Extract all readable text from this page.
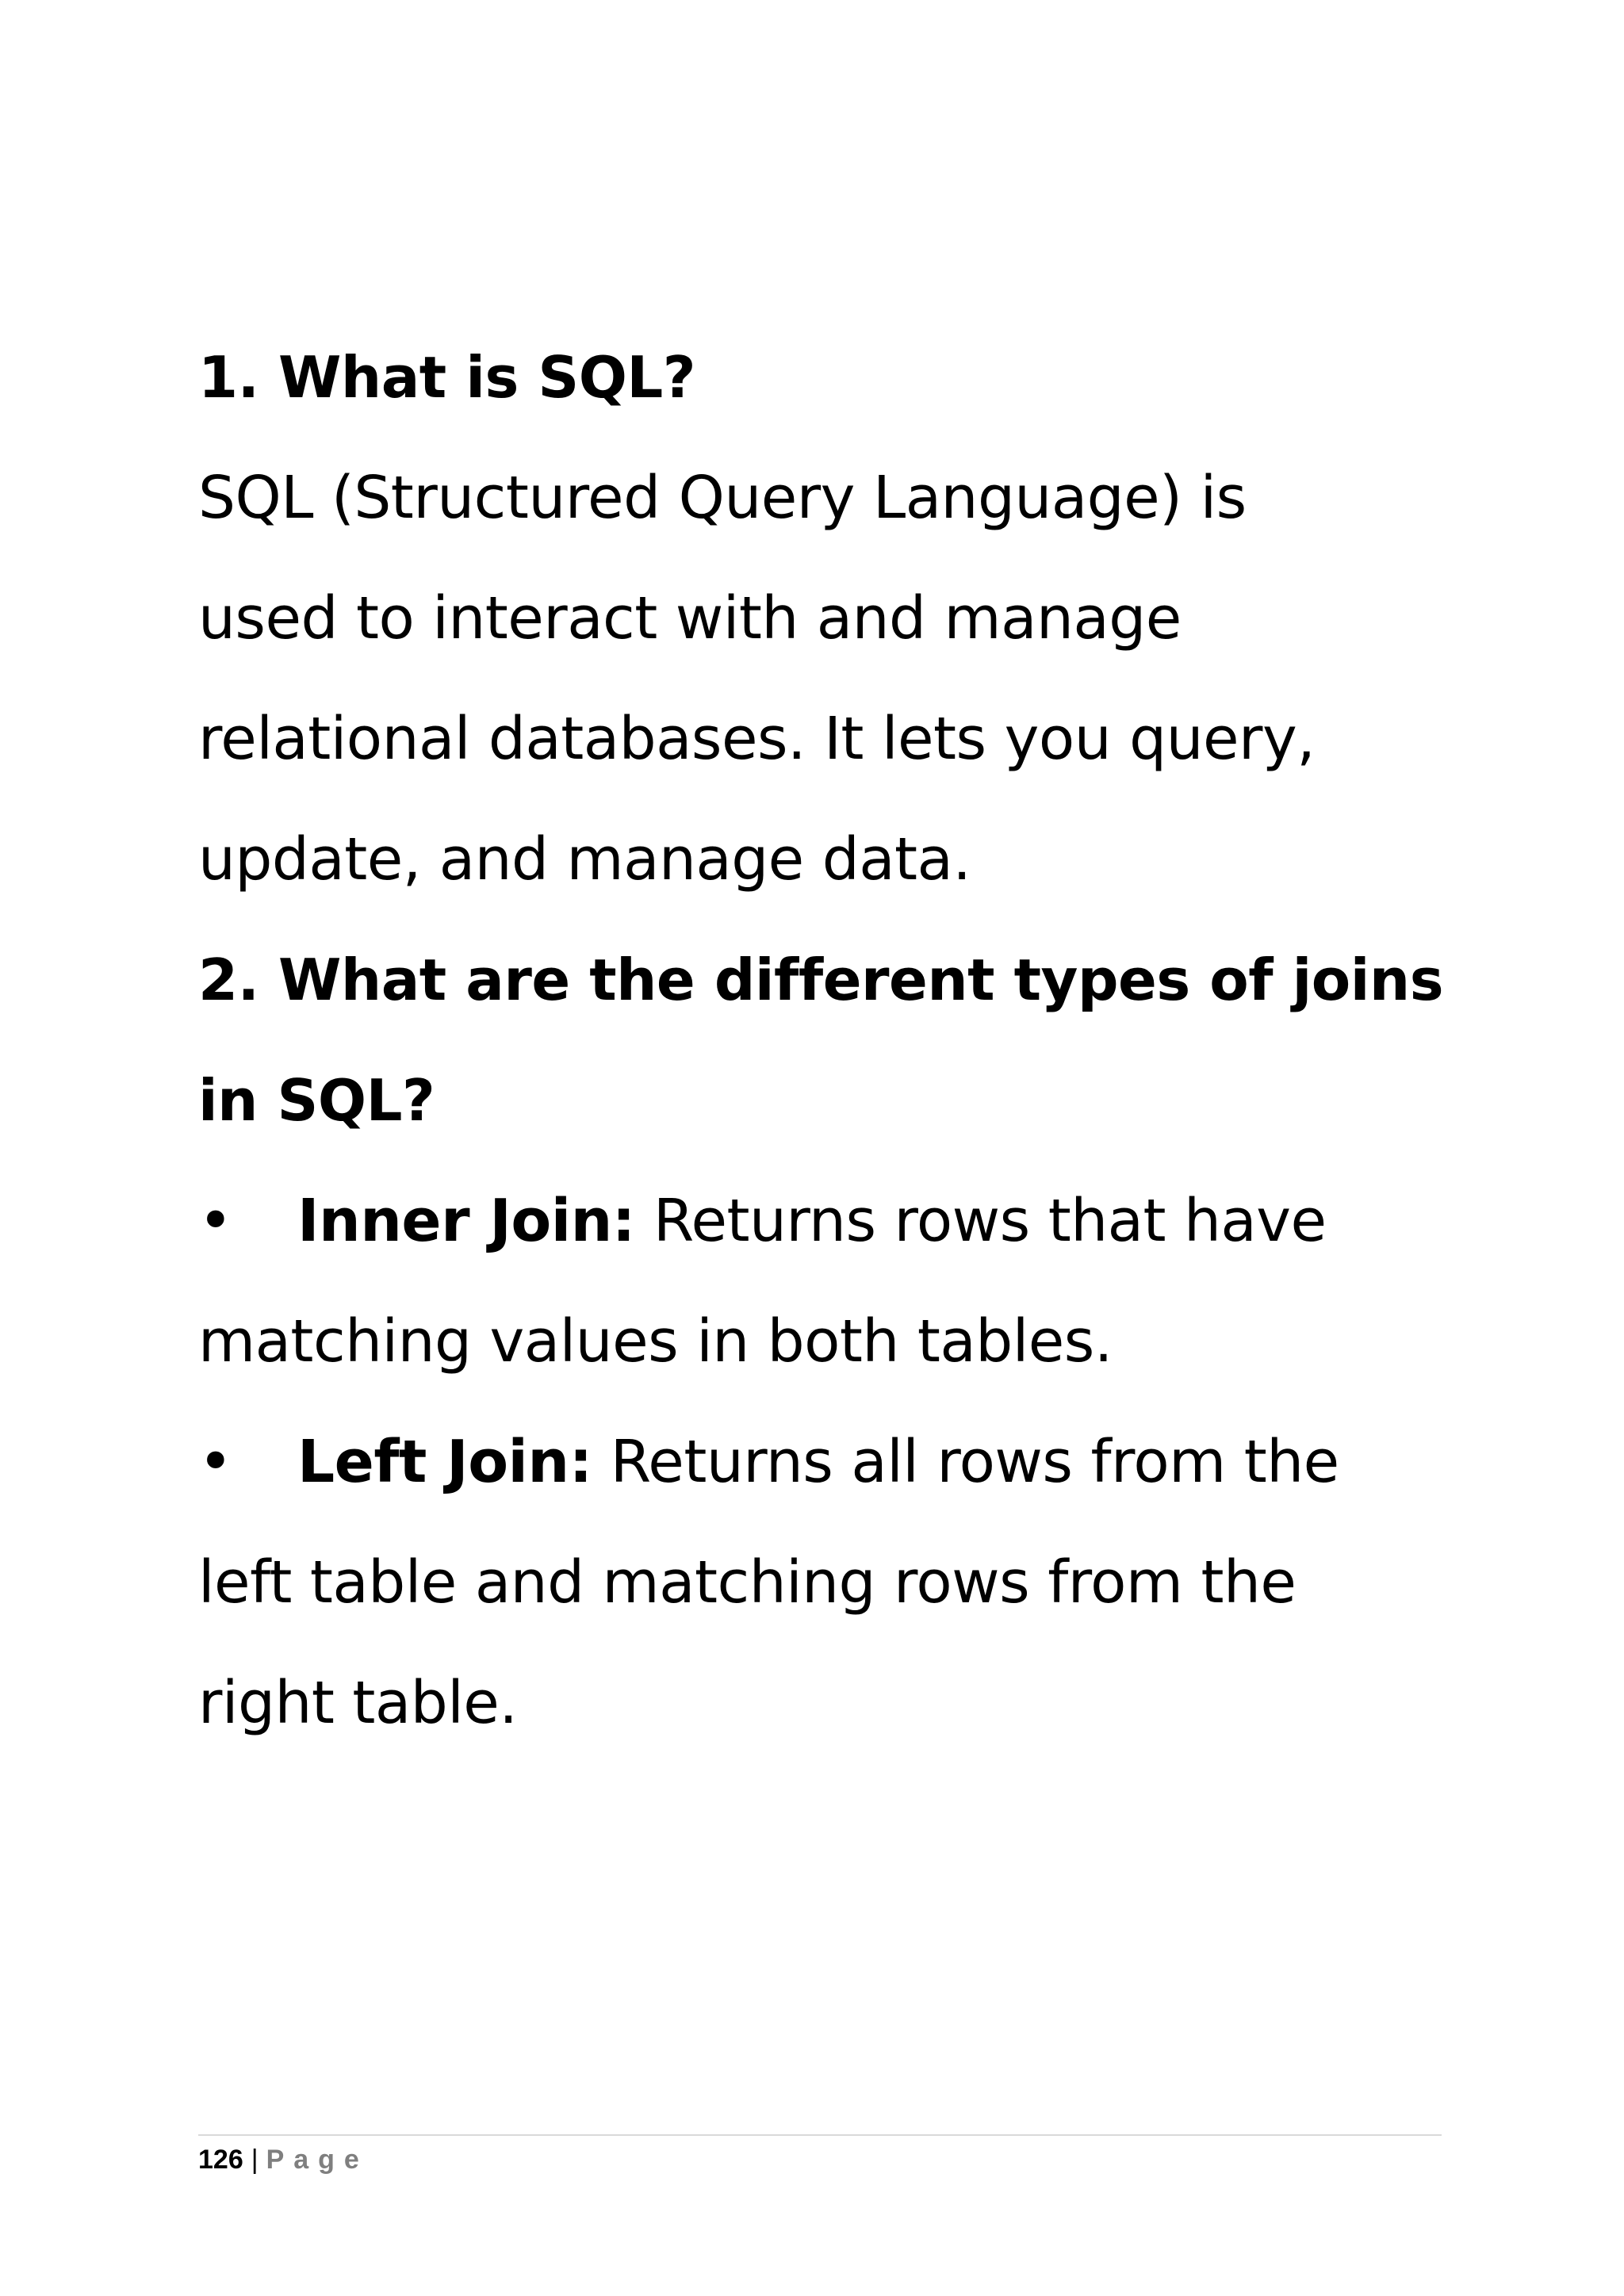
1. What is SQL?

SQL (Structured Query Language) is

used to interact with and manage

relational databases. It lets you query,

update, and manage data.

2. What are the different types of joins

in SQL?

• Inner Join: Returns rows that have

matching values in both tables.

• Left Join: Returns all rows from the

left table and matching rows from the

right table.

126 | Page
